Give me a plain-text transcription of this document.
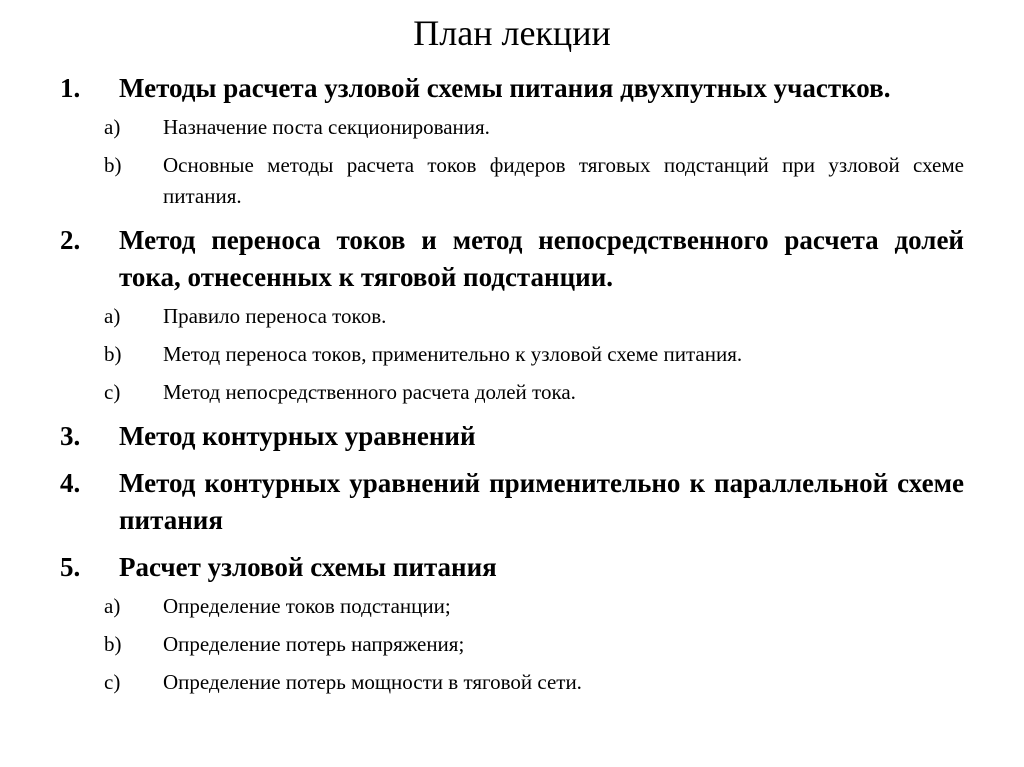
План лекции
1. Методы расчета узловой схемы питания двухпутных участков.
a) Назначение поста секционирования.
b) Основные методы расчета токов фидеров тяговых подстанций при узловой схеме питания.
2. Метод переноса токов и метод непосредственного расчета долей тока, отнесенных к тяговой подстанции.
a) Правило переноса токов.
b) Метод переноса токов, применительно к узловой схеме питания.
c) Метод непосредственного расчета долей тока.
3. Метод контурных уравнений
4. Метод контурных уравнений применительно к параллельной схеме питания
5. Расчет узловой схемы питания
a) Определение токов подстанции;
b) Определение потерь напряжения;
c) Определение потерь мощности в тяговой сети.
